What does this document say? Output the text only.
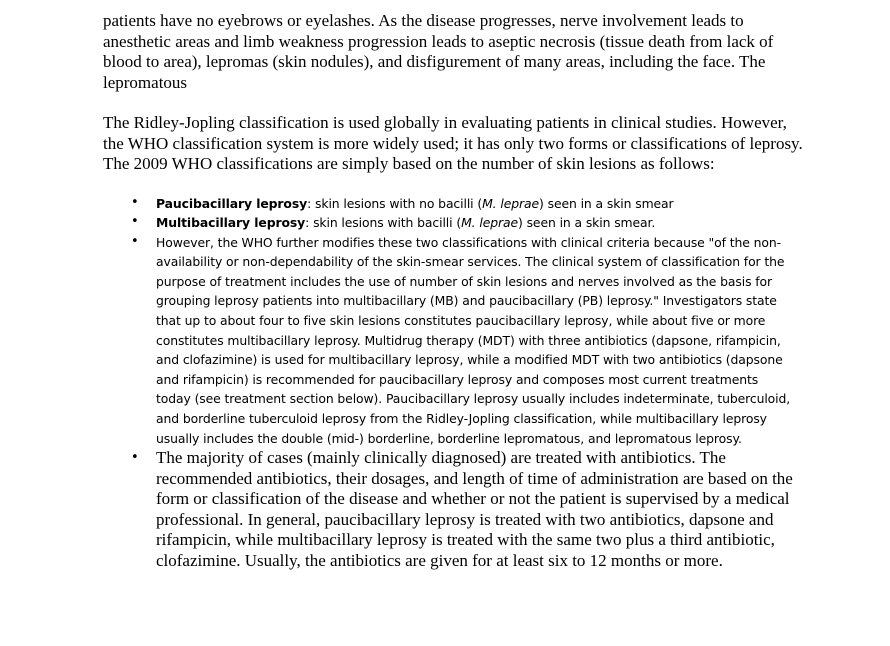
patients have no eyebrows or eyelashes. As the disease progresses, nerve involvement leads to anesthetic areas and limb weakness progression leads to aseptic necrosis (tissue death from lack of blood to area), lepromas (skin nodules), and disfigurement of many areas, including the face. The lepromatous

The Ridley-Jopling classification is used globally in evaluating patients in clinical studies. However, the WHO classification system is more widely used; it has only two forms or classifications of leprosy. The 2009 WHO classifications are simply based on the number of skin lesions as follows:

• Paucibacillary leprosy: skin lesions with no bacilli (M. leprae) seen in a skin smear
• Multibacillary leprosy: skin lesions with bacilli (M. leprae) seen in a skin smear.
• However, the WHO further modifies these two classifications with clinical criteria because "of the non-availability or non-dependability of the skin-smear services. The clinical system of classification for the purpose of treatment includes the use of number of skin lesions and nerves involved as the basis for grouping leprosy patients into multibacillary (MB) and paucibacillary (PB) leprosy." Investigators state that up to about four to five skin lesions constitutes paucibacillary leprosy, while about five or more constitutes multibacillary leprosy. Multidrug therapy (MDT) with three antibiotics (dapsone, rifampicin, and clofazimine) is used for multibacillary leprosy, while a modified MDT with two antibiotics (dapsone and rifampicin) is recommended for paucibacillary leprosy and composes most current treatments today (see treatment section below). Paucibacillary leprosy usually includes indeterminate, tuberculoid, and borderline tuberculoid leprosy from the Ridley-Jopling classification, while multibacillary leprosy usually includes the double (mid-) borderline, borderline lepromatous, and lepromatous leprosy.
• The majority of cases (mainly clinically diagnosed) are treated with antibiotics. The recommended antibiotics, their dosages, and length of time of administration are based on the form or classification of the disease and whether or not the patient is supervised by a medical professional. In general, paucibacillary leprosy is treated with two antibiotics, dapsone and rifampicin, while multibacillary leprosy is treated with the same two plus a third antibiotic, clofazimine. Usually, the antibiotics are given for at least six to 12 months or more.
